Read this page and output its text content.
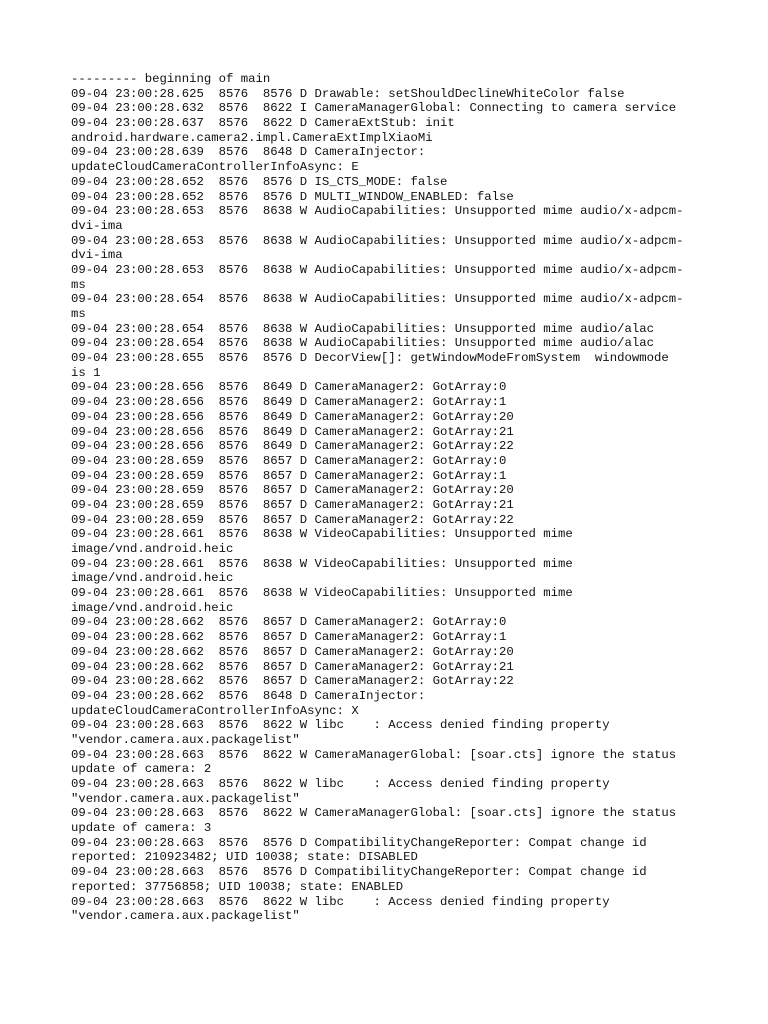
--------- beginning of main
09-04 23:00:28.625  8576  8576 D Drawable: setShouldDeclineWhiteColor false
09-04 23:00:28.632  8576  8622 I CameraManagerGlobal: Connecting to camera service
09-04 23:00:28.637  8576  8622 D CameraExtStub: init
android.hardware.camera2.impl.CameraExtImplXiaoMi
09-04 23:00:28.639  8576  8648 D CameraInjector:
updateCloudCameraControllerInfoAsync: E
09-04 23:00:28.652  8576  8576 D IS_CTS_MODE: false
09-04 23:00:28.652  8576  8576 D MULTI_WINDOW_ENABLED: false
09-04 23:00:28.653  8576  8638 W AudioCapabilities: Unsupported mime audio/x-adpcm-
dvi-ima
09-04 23:00:28.653  8576  8638 W AudioCapabilities: Unsupported mime audio/x-adpcm-
dvi-ima
09-04 23:00:28.653  8576  8638 W AudioCapabilities: Unsupported mime audio/x-adpcm-
ms
09-04 23:00:28.654  8576  8638 W AudioCapabilities: Unsupported mime audio/x-adpcm-
ms
09-04 23:00:28.654  8576  8638 W AudioCapabilities: Unsupported mime audio/alac
09-04 23:00:28.654  8576  8638 W AudioCapabilities: Unsupported mime audio/alac
09-04 23:00:28.655  8576  8576 D DecorView[]: getWindowModeFromSystem  windowmode
is 1
09-04 23:00:28.656  8576  8649 D CameraManager2: GotArray:0
09-04 23:00:28.656  8576  8649 D CameraManager2: GotArray:1
09-04 23:00:28.656  8576  8649 D CameraManager2: GotArray:20
09-04 23:00:28.656  8576  8649 D CameraManager2: GotArray:21
09-04 23:00:28.656  8576  8649 D CameraManager2: GotArray:22
09-04 23:00:28.659  8576  8657 D CameraManager2: GotArray:0
09-04 23:00:28.659  8576  8657 D CameraManager2: GotArray:1
09-04 23:00:28.659  8576  8657 D CameraManager2: GotArray:20
09-04 23:00:28.659  8576  8657 D CameraManager2: GotArray:21
09-04 23:00:28.659  8576  8657 D CameraManager2: GotArray:22
09-04 23:00:28.661  8576  8638 W VideoCapabilities: Unsupported mime
image/vnd.android.heic
09-04 23:00:28.661  8576  8638 W VideoCapabilities: Unsupported mime
image/vnd.android.heic
09-04 23:00:28.661  8576  8638 W VideoCapabilities: Unsupported mime
image/vnd.android.heic
09-04 23:00:28.662  8576  8657 D CameraManager2: GotArray:0
09-04 23:00:28.662  8576  8657 D CameraManager2: GotArray:1
09-04 23:00:28.662  8576  8657 D CameraManager2: GotArray:20
09-04 23:00:28.662  8576  8657 D CameraManager2: GotArray:21
09-04 23:00:28.662  8576  8657 D CameraManager2: GotArray:22
09-04 23:00:28.662  8576  8648 D CameraInjector:
updateCloudCameraControllerInfoAsync: X
09-04 23:00:28.663  8576  8622 W libc    : Access denied finding property
"vendor.camera.aux.packagelist"
09-04 23:00:28.663  8576  8622 W CameraManagerGlobal: [soar.cts] ignore the status
update of camera: 2
09-04 23:00:28.663  8576  8622 W libc    : Access denied finding property
"vendor.camera.aux.packagelist"
09-04 23:00:28.663  8576  8622 W CameraManagerGlobal: [soar.cts] ignore the status
update of camera: 3
09-04 23:00:28.663  8576  8576 D CompatibilityChangeReporter: Compat change id
reported: 210923482; UID 10038; state: DISABLED
09-04 23:00:28.663  8576  8576 D CompatibilityChangeReporter: Compat change id
reported: 37756858; UID 10038; state: ENABLED
09-04 23:00:28.663  8576  8622 W libc    : Access denied finding property
"vendor.camera.aux.packagelist"
